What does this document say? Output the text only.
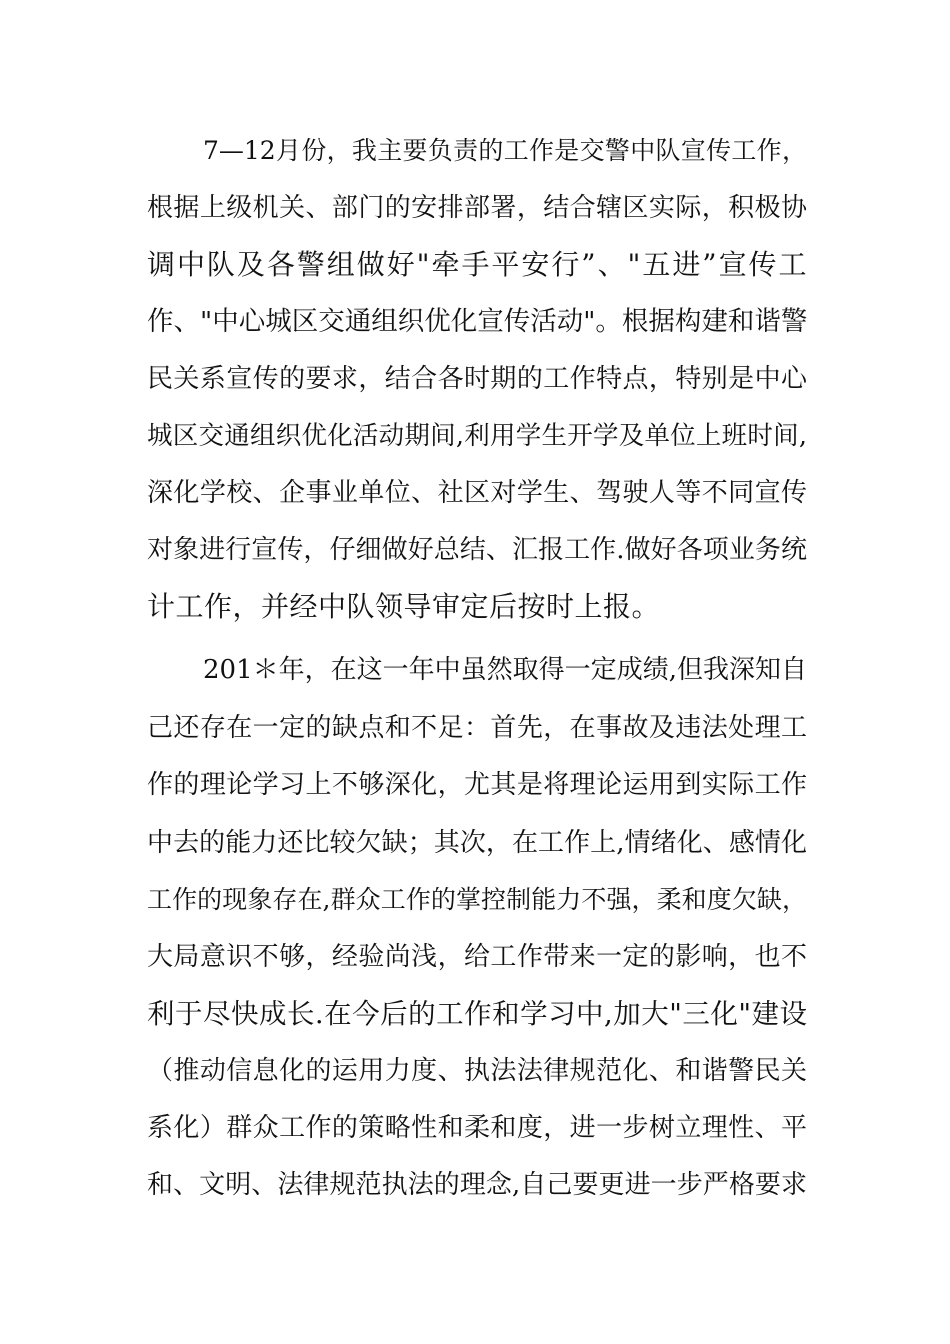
7—12月份，我主要负责的工作是交警中队宣传工作，
根据上级机关、部门的安排部署，结合辖区实际，积极协
调中队及各警组做好"牵手平安行”、"五进”宣传工
作、"中心城区交通组织优化宣传活动"。根据构建和谐警
民关系宣传的要求，结合各时期的工作特点，特别是中心
城区交通组织优化活动期间,利用学生开学及单位上班时间,
深化学校、企事业单位、社区对学生、驾驶人等不同宣传
对象进行宣传，仔细做好总结、汇报工作.做好各项业务统
计工作，并经中队领导审定后按时上报。
201＊年，在这一年中虽然取得一定成绩,但我深知自
己还存在一定的缺点和不足：首先，在事故及违法处理工
作的理论学习上不够深化，尤其是将理论运用到实际工作
中去的能力还比较欠缺；其次，在工作上,情绪化、感情化
工作的现象存在,群众工作的掌控制能力不强，柔和度欠缺，
大局意识不够，经验尚浅，给工作带来一定的影响，也不
利于尽快成长.在今后的工作和学习中,加大"三化"建设
（推动信息化的运用力度、执法法律规范化、和谐警民关
系化）群众工作的策略性和柔和度，进一步树立理性、平
和、文明、法律规范执法的理念,自己要更进一步严格要求
